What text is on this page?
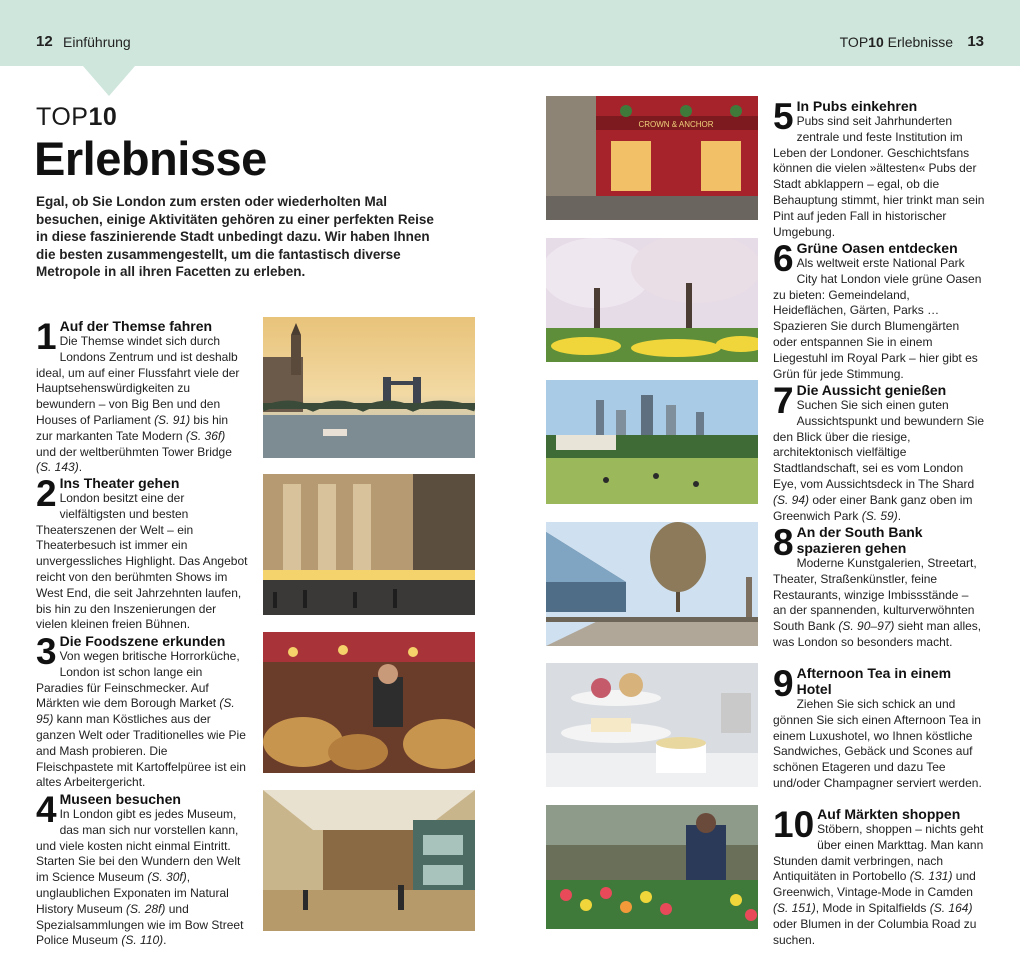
12 Einführung	TOP10 Erlebnisse 13
TOP10
Erlebnisse
Egal, ob Sie London zum ersten oder wiederholten Mal besuchen, einige Aktivitäten gehören zu einer perfekten Reise in diese faszinierende Stadt unbedingt dazu. Wir haben Ihnen die besten zusammengestellt, um die fantastisch diverse Metropole in all ihren Facetten zu erleben.
1 Auf der Themse fahren
Die Themse windet sich durch Londons Zentrum und ist deshalb ideal, um auf einer Flussfahrt viele der Hauptsehenswürdigkeiten zu bewundern – von Big Ben und den Houses of Parliament (S. 91) bis hin zur markanten Tate Modern (S. 36f) und der weltberühmten Tower Bridge (S. 143).
2 Ins Theater gehen
London besitzt eine der vielfältigsten und besten Theaterszenen der Welt – ein Theaterbesuch ist immer ein unvergessliches Highlight. Das Angebot reicht von den berühmten Shows im West End, die seit Jahrzehnten laufen, bis hin zu den Inszenierungen der vielen kleinen freien Bühnen.
3 Die Foodszene erkunden
Von wegen britische Horrorküche, London ist schon lange ein Paradies für Feinschmecker. Auf Märkten wie dem Borough Market (S. 95) kann man Köstliches aus der ganzen Welt oder Traditionelles wie Pie and Mash probieren. Die Fleischpastete mit Kartoffelpüree ist ein altes Arbeitergericht.
4 Museen besuchen
In London gibt es jedes Museum, das man sich nur vorstellen kann, und viele kosten nicht einmal Eintritt. Starten Sie bei den Wundern den Welt im Science Museum (S. 30f), unglaublichen Exponaten im Natural History Museum (S. 28f) und Spezialsammlungen wie im Bow Street Police Museum (S. 110).
CROWN & ANCHOR 5 In Pubs einkehren
Pubs sind seit Jahrhunderten zentrale und feste Institution im Leben der Londoner. Geschichtsfans können die vielen »ältesten« Pubs der Stadt abklappern – egal, ob die Behauptung stimmt, hier trinkt man sein Pint auf jeden Fall in historischer Umgebung.
6 Grüne Oasen entdecken
Als weltweit erste National Park City hat London viele grüne Oasen zu bieten: Gemeindeland, Heideflächen, Gärten, Parks … Spazieren Sie durch Blumengärten oder entspannen Sie in einem Liegestuhl im Royal Park – hier gibt es Grün für jede Stimmung.
7 Die Aussicht genießen
Suchen Sie sich einen guten Aussichtspunkt und bewundern Sie den Blick über die riesige, architektonisch vielfältige Stadtlandschaft, sei es vom London Eye, vom Aussichtsdeck in The Shard (S. 94) oder einer Bank ganz oben im Greenwich Park (S. 59).
8 An der South Bank spazieren gehen
Moderne Kunstgalerien, Streetart, Theater, Straßenkünstler, feine Restaurants, winzige Imbissstände – an der spannenden, kulturverwöhnten South Bank (S. 90–97) sieht man alles, was London so besonders macht.
9 Afternoon Tea in einem Hotel
Ziehen Sie sich schick an und gönnen Sie sich einen Afternoon Tea in einem Luxushotel, wo Ihnen köstliche Sandwiches, Gebäck und Scones auf schönen Etageren und dazu Tee und/oder Champagner serviert werden.
10 Auf Märkten shoppen
Stöbern, shoppen – nichts geht über einen Markttag. Man kann Stunden damit verbringen, nach Antiquitäten in Portobello (S. 131) und Greenwich, Vintage-Mode in Camden (S. 151), Mode in Spitalfields (S. 164) oder Blumen in der Columbia Road zu suchen.
